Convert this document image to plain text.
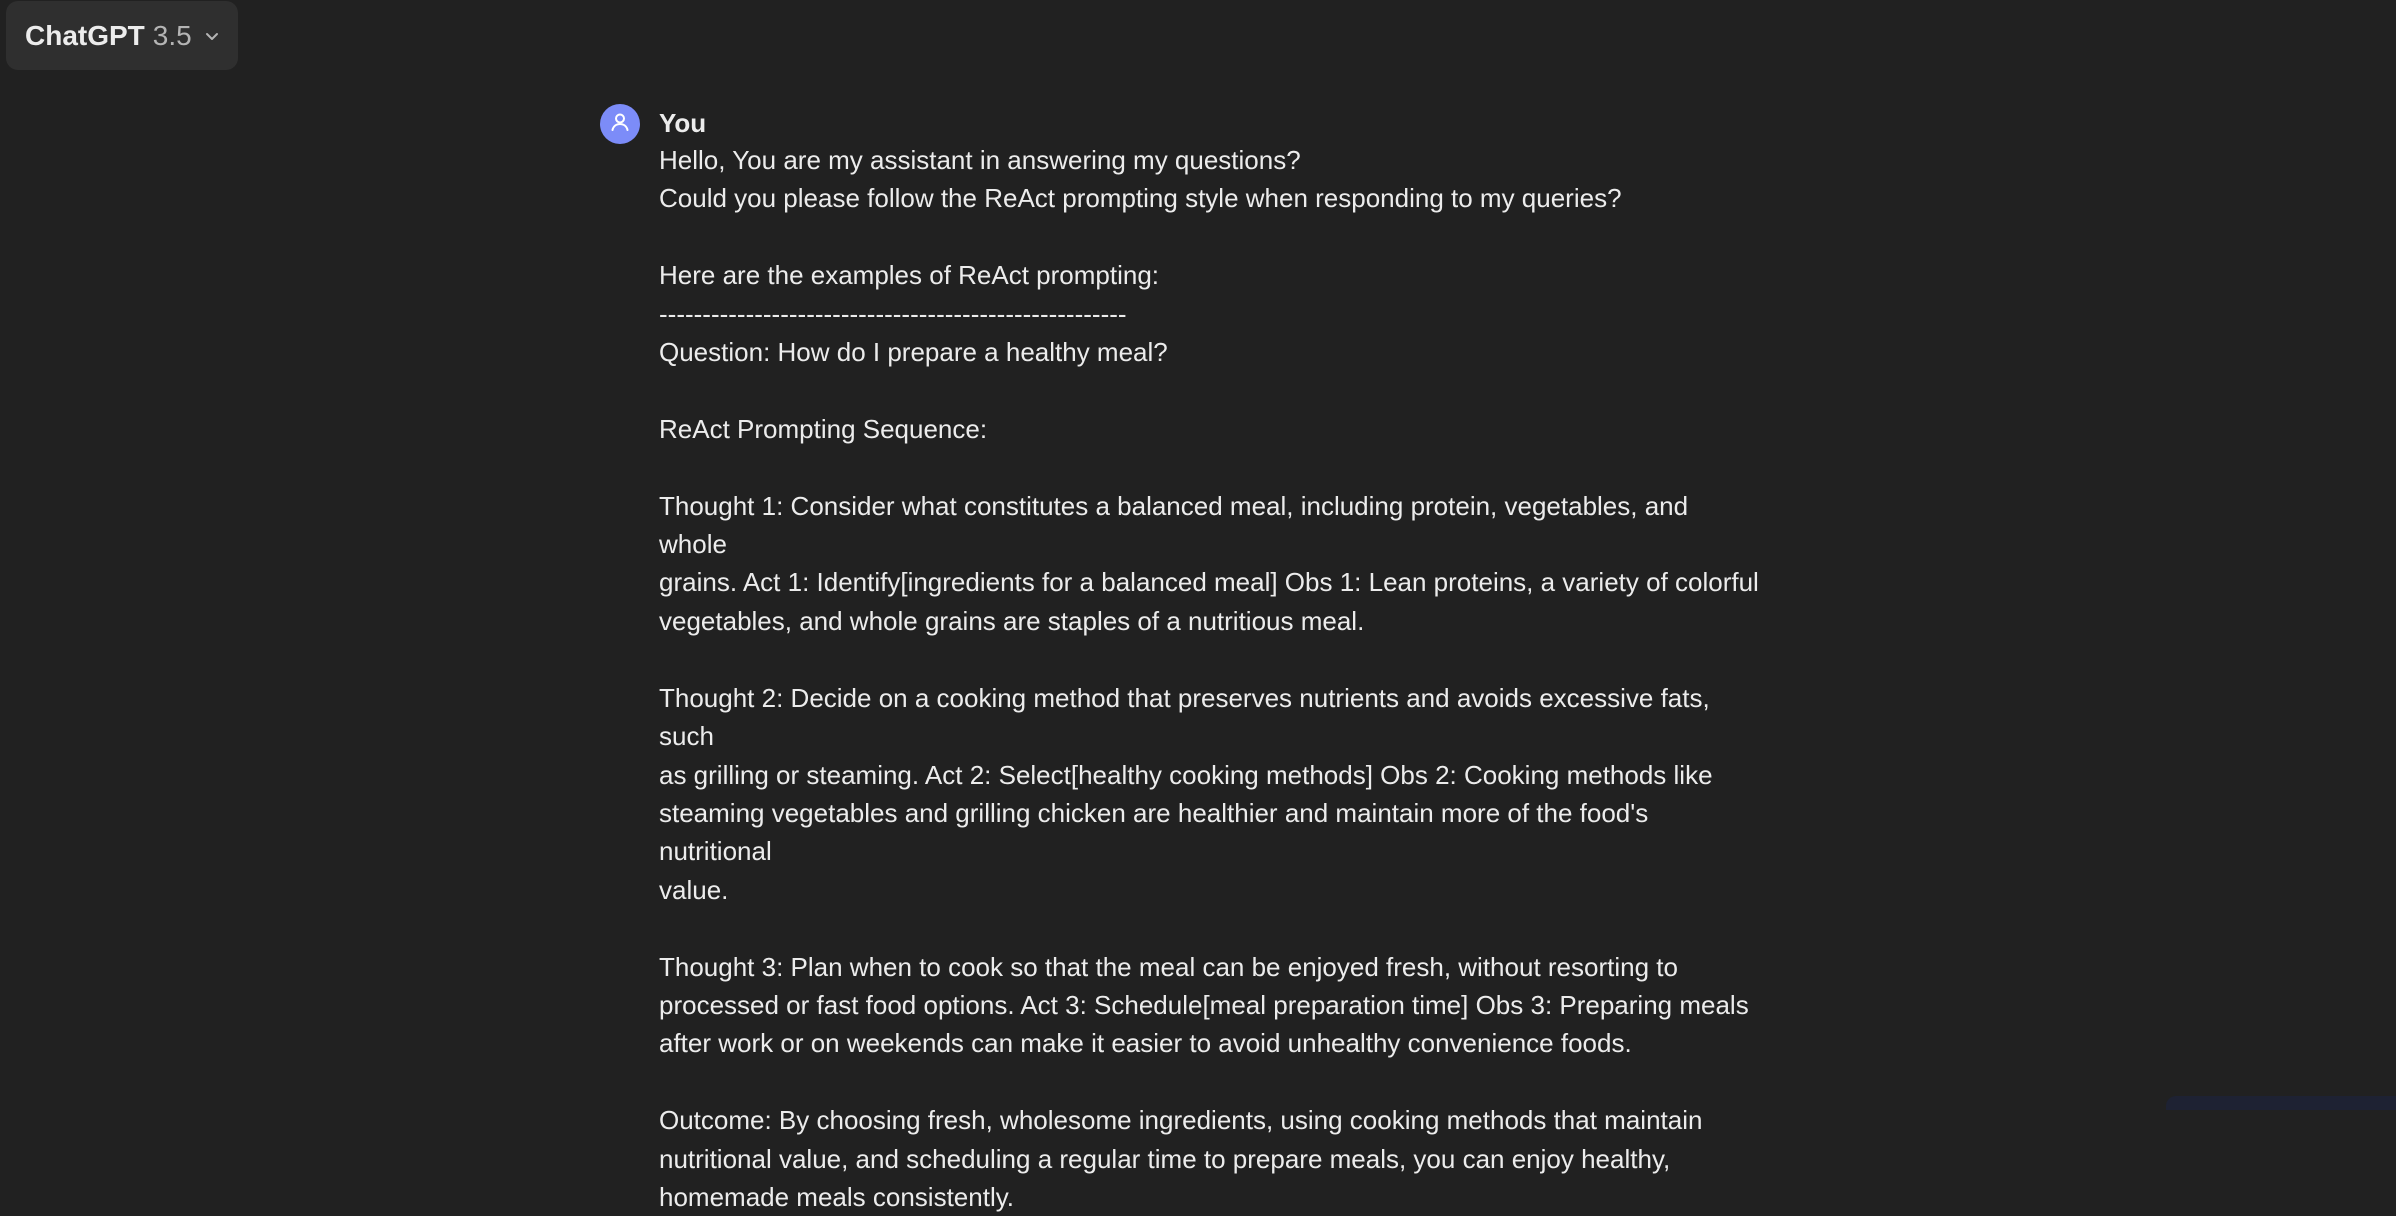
ChatGPT 3.5
You

Hello, You are my assistant in answering my questions?
Could you please follow the ReAct prompting style when responding to my queries?

Here are the examples of ReAct prompting:
------------------------------------------------------
Question: How do I prepare a healthy meal?

ReAct Prompting Sequence:

Thought 1: Consider what constitutes a balanced meal, including protein, vegetables, and whole
grains. Act 1: Identify[ingredients for a balanced meal] Obs 1: Lean proteins, a variety of colorful
vegetables, and whole grains are staples of a nutritious meal.

Thought 2: Decide on a cooking method that preserves nutrients and avoids excessive fats, such
as grilling or steaming. Act 2: Select[healthy cooking methods] Obs 2: Cooking methods like
steaming vegetables and grilling chicken are healthier and maintain more of the food's nutritional
value.

Thought 3: Plan when to cook so that the meal can be enjoyed fresh, without resorting to
processed or fast food options. Act 3: Schedule[meal preparation time] Obs 3: Preparing meals
after work or on weekends can make it easier to avoid unhealthy convenience foods.

Outcome: By choosing fresh, wholesome ingredients, using cooking methods that maintain
nutritional value, and scheduling a regular time to prepare meals, you can enjoy healthy,
homemade meals consistently.
